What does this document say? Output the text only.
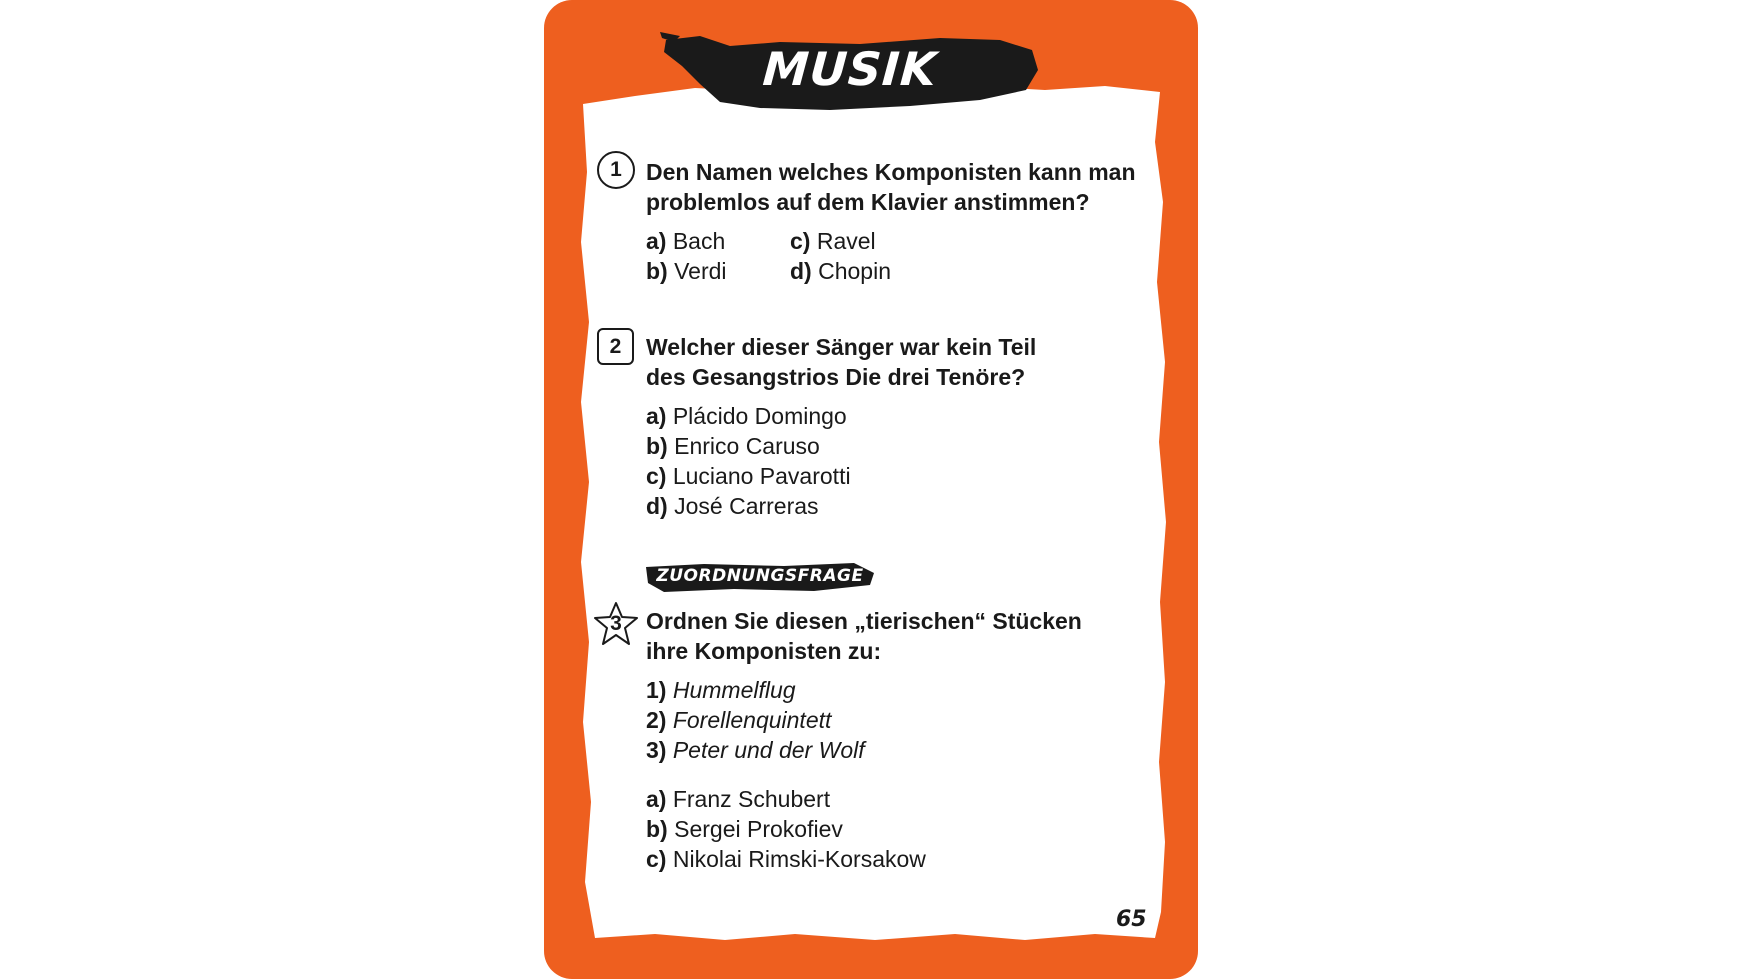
MUSIK
1 Den Namen welches Komponisten kann man
problemlos auf dem Klavier anstimmen?
a) Bach
b) Verdi
c) Ravel
d) Chopin
2 Welcher dieser Sänger war kein Teil
des Gesangstrios Die drei Tenöre?
a) Plácido Domingo
b) Enrico Caruso
c) Luciano Pavarotti
d) José Carreras
ZUORDNUNGSFRAGE
3 Ordnen Sie diesen „tierischen“ Stücken
ihre Komponisten zu:
1) Hummelflug
2) Forellenquintett
3) Peter und der Wolf
a) Franz Schubert
b) Sergei Prokofiev
c) Nikolai Rimski-Korsakow
65
